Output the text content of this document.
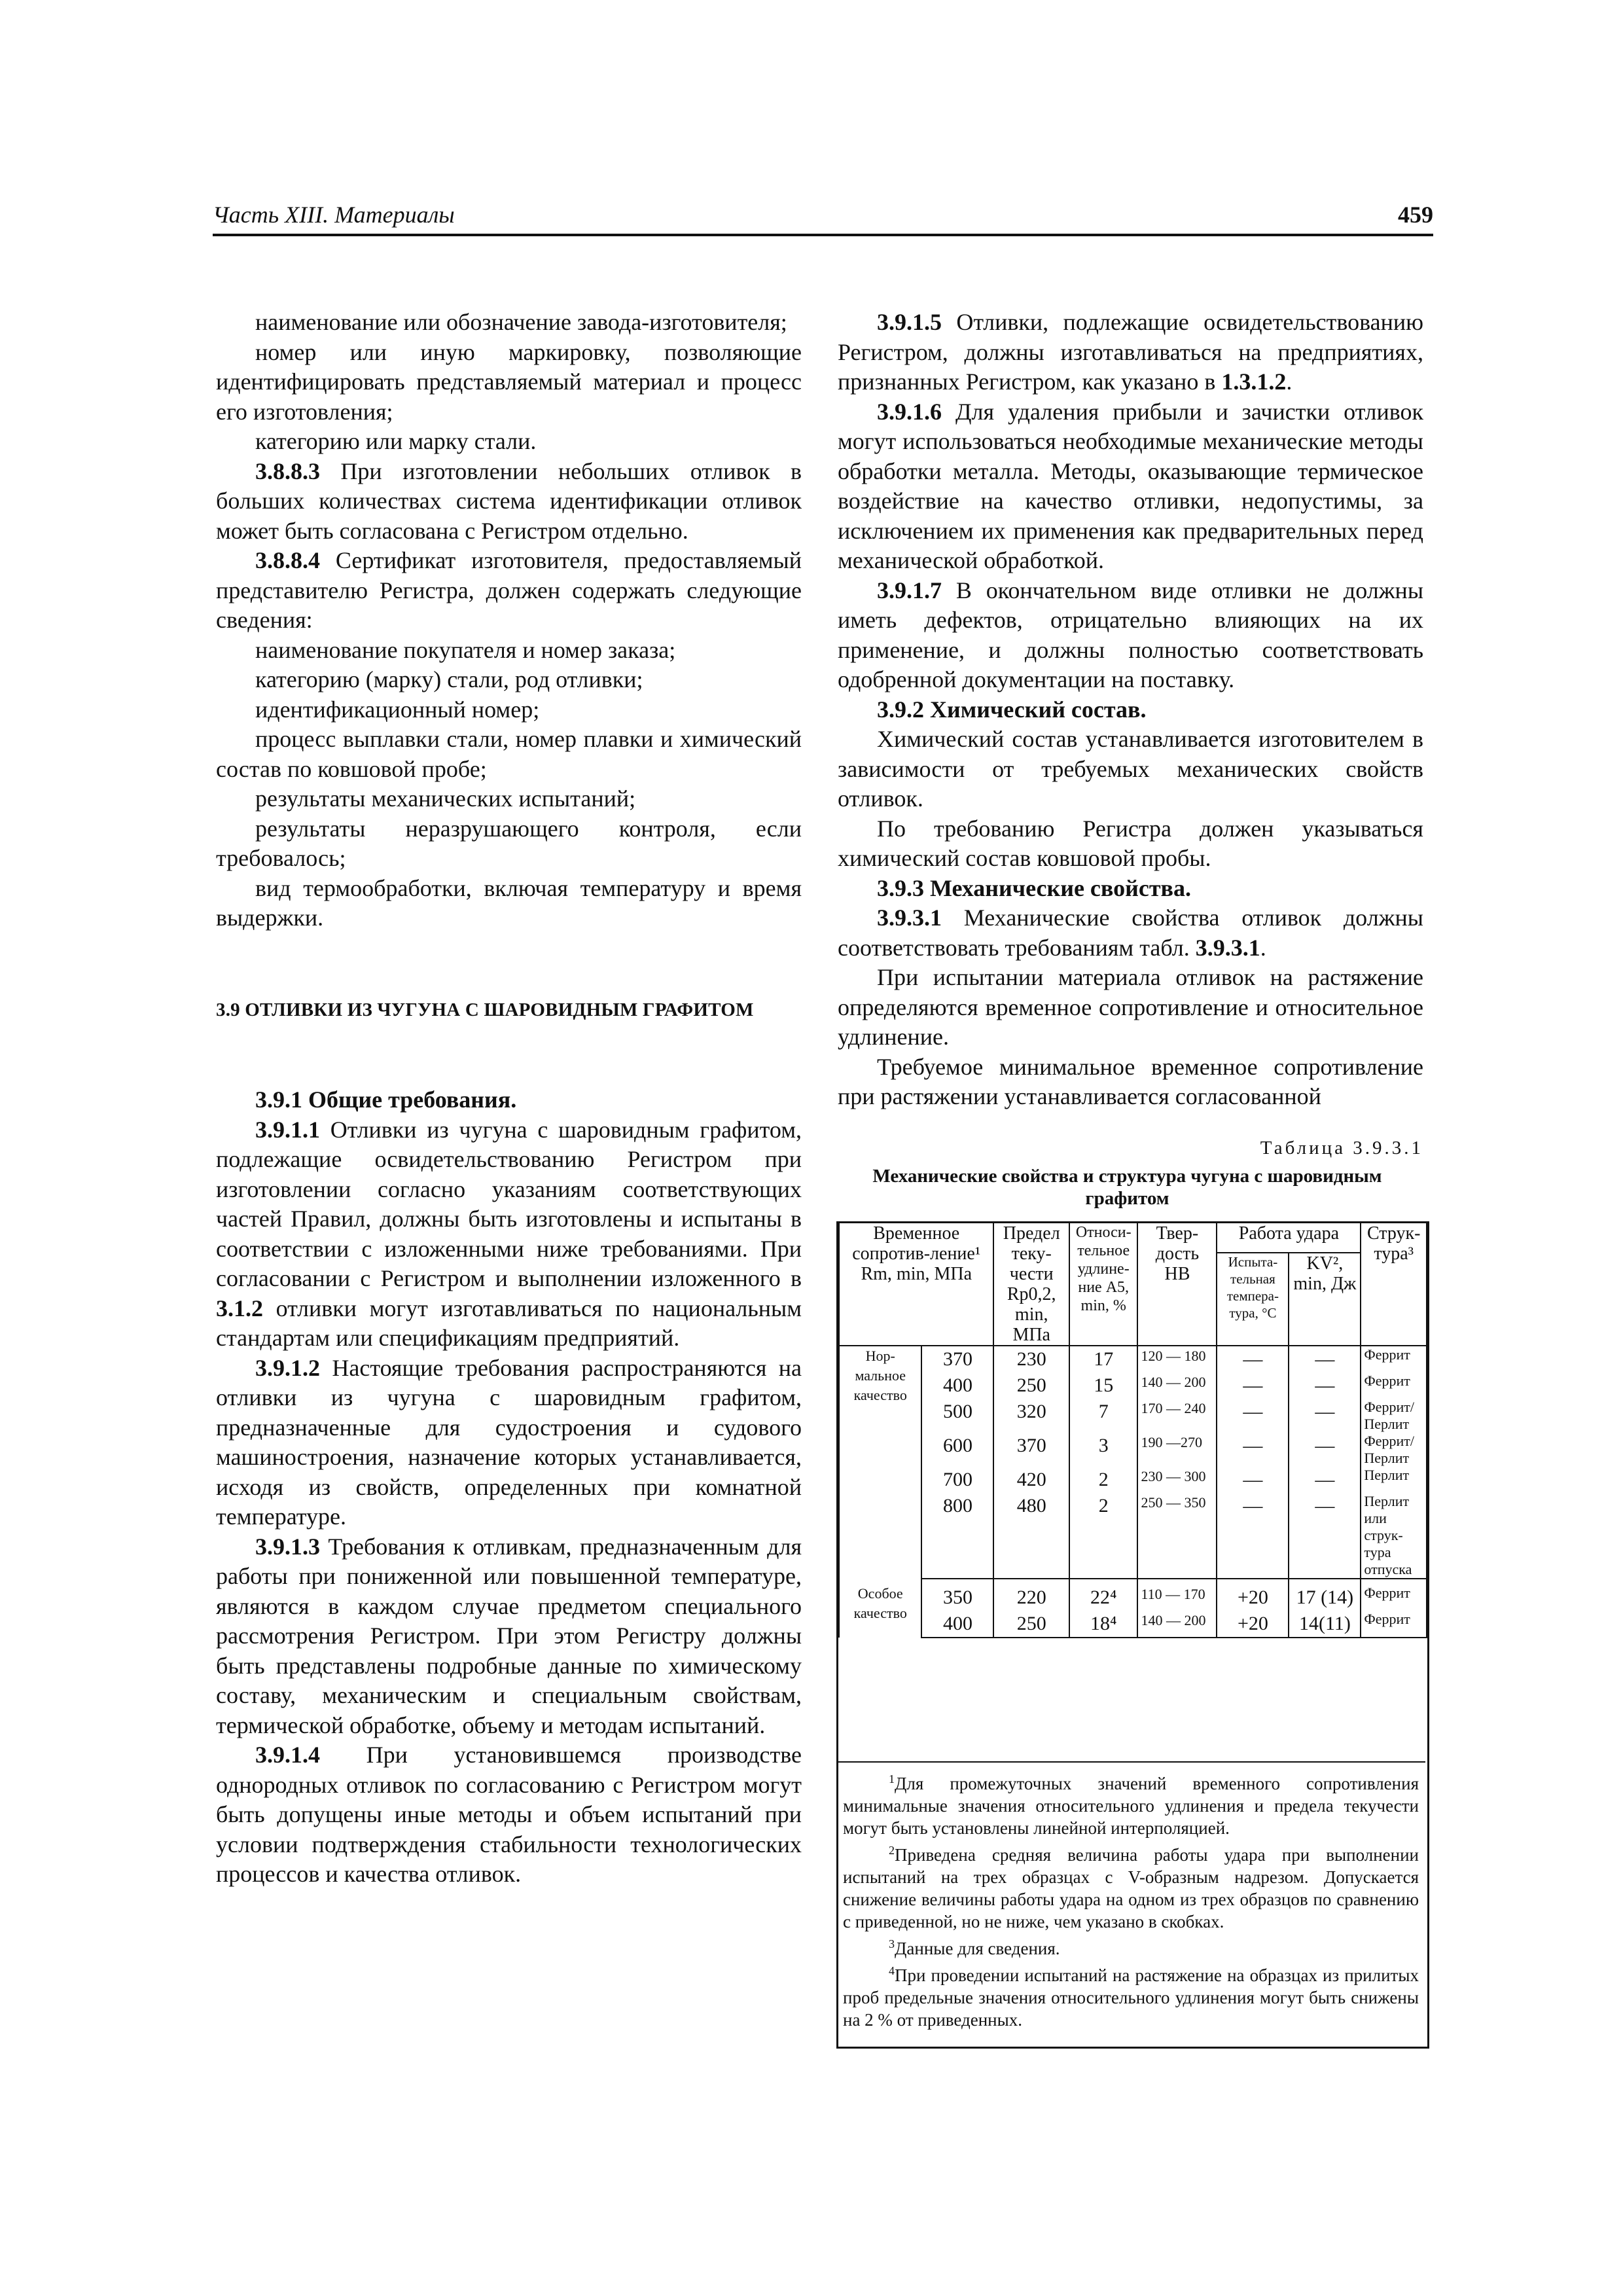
Часть XIII. Материалы	459

наименование или обозначение завода-изготовителя;

номер или иную маркировку, позволяющие идентифицировать представляемый материал и процесс его изготовления;

категорию или марку стали.

3.8.8.3 При изготовлении небольших отливок в больших количествах система идентификации отливок может быть согласована с Регистром отдельно.

3.8.8.4 Сертификат изготовителя, предоставляемый представителю Регистра, должен содержать следующие сведения:

наименование покупателя и номер заказа;

категорию (марку) стали, род отливки;

идентификационный номер;

процесс выплавки стали, номер плавки и химический состав по ковшовой пробе;

результаты механических испытаний;

результаты неразрушающего контроля, если требовалось;

вид термообработки, включая температуру и время выдержки.

3.9 ОТЛИВКИ ИЗ ЧУГУНА С ШАРОВИДНЫМ ГРАФИТОМ

3.9.1 Общие требования.

3.9.1.1 Отливки из чугуна с шаровидным графитом, подлежащие освидетельствованию Регистром при изготовлении согласно указаниям соответствующих частей Правил, должны быть изготовлены и испытаны в соответствии с изложенными ниже требованиями. При согласовании с Регистром и выполнении изложенного в 3.1.2 отливки могут изготавливаться по национальным стандартам или спецификациям предприятий.

3.9.1.2 Настоящие требования распространяются на отливки из чугуна с шаровидным графитом, предназначенные для судостроения и судового машиностроения, назначение которых устанавливается, исходя из свойств, определенных при комнатной температуре.

3.9.1.3 Требования к отливкам, предназначенным для работы при пониженной или повышенной температуре, являются в каждом случае предметом специального рассмотрения Регистром. При этом Регистру должны быть представлены подробные данные по химическому составу, механическим и специальным свойствам, термической обработке, объему и методам испытаний.

3.9.1.4 При установившемся производстве однородных отливок по согласованию с Регистром могут быть допущены иные методы и объем испытаний при условии подтверждения стабильности технологических процессов и качества отливок.

3.9.1.5 Отливки, подлежащие освидетельствованию Регистром, должны изготавливаться на предприятиях, признанных Регистром, как указано в 1.3.1.2.

3.9.1.6 Для удаления прибыли и зачистки отливок могут использоваться необходимые механические методы обработки металла. Методы, оказывающие термическое воздействие на качество отливки, недопустимы, за исключением их применения как предварительных перед механической обработкой.

3.9.1.7 В окончательном виде отливки не должны иметь дефектов, отрицательно влияющих на их применение, и должны полностью соответствовать одобренной документации на поставку.

3.9.2 Химический состав.

Химический состав устанавливается изготовителем в зависимости от требуемых механических свойств отливок.

По требованию Регистра должен указываться химический состав ковшовой пробы.

3.9.3 Механические свойства.

3.9.3.1 Механические свойства отливок должны соответствовать требованиям табл. 3.9.3.1.

При испытании материала отливок на растяжение определяются временное сопротивление и относительное удлинение.

Требуемое минимальное временное сопротивление при растяжении устанавливается согласованной

Таблица 3.9.3.1
Механические свойства и структура чугуна с шаровидным графитом
Временное сопротив-ление¹ Rm, min, МПа		Предел теку-чести Rp0,2, min, МПа	Относи-тельное удлине-ние A5, min, %	Твер-дость HB	Работа удара		Струк-тура³
					Испыта-тельная темпера-тура, °С	KV², min, Дж	
Нор-мальное качество	370	230	17	120 — 180	—	—	Феррит
	400	250	15	140 — 200	—	—	Феррит
	500	320	7	170 — 240	—	—	Феррит/ Перлит
	600	370	3	190 —270	—	—	Феррит/ Перлит
	700	420	2	230 — 300	—	—	Перлит
	800	480	2	250 — 350	—	—	Перлит или струк-тура отпуска
Особое качество	350	220	22⁴	110 — 170	+20	17 (14)	Феррит
	400	250	18⁴	140 — 200	+20	14(11)	Феррит

$^1$Для промежуточных значений временного сопротивления минимальные значения относительного удлинения и предела текучести могут быть установлены линейной интерполяцией.

$^2$Приведена средняя величина работы удара при выполнении испытаний на трех образцах с V-образным надрезом. Допускается снижение величины работы удара на одном из трех образцов по сравнению с приведенной, но не ниже, чем указано в скобках.

$^3$Данные для сведения.

$^4$При проведении испытаний на растяжение на образцах из прилитых проб предельные значения относительного удлинения могут быть снижены на 2 % от приведенных.
